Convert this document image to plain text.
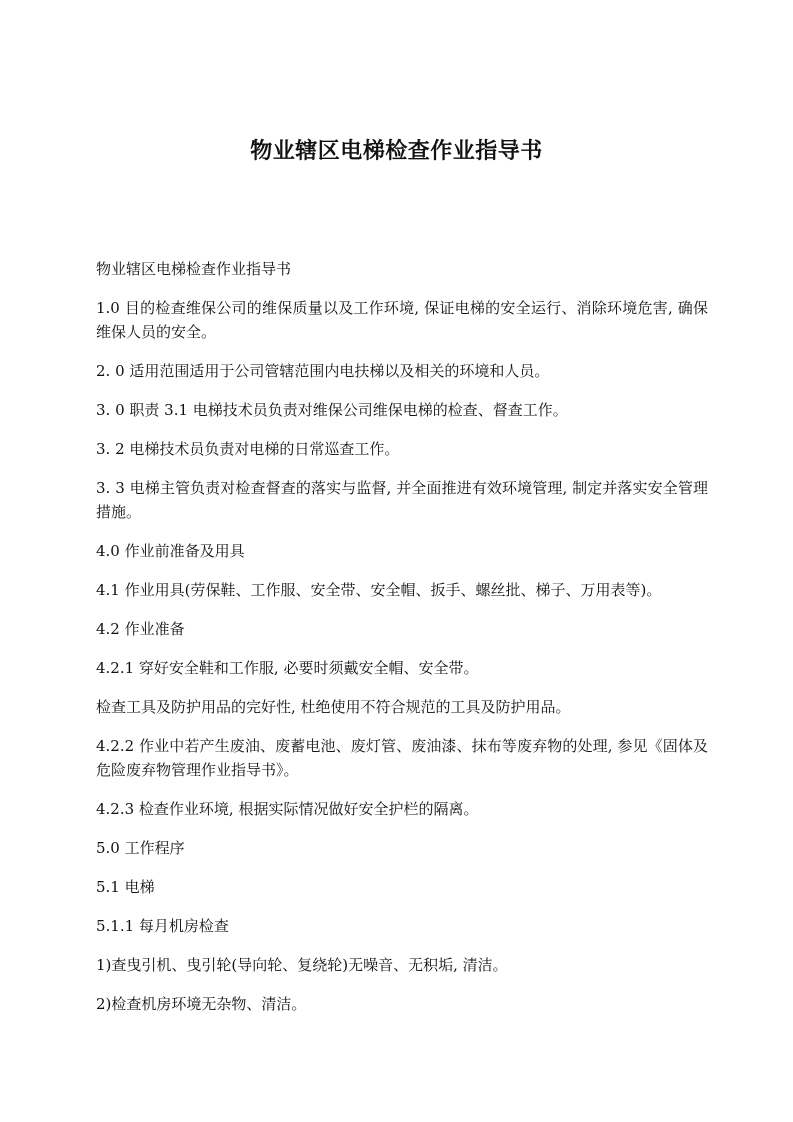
物业辖区电梯检查作业指导书

物业辖区电梯检查作业指导书

1.0 目的检查维保公司的维保质量以及工作环境, 保证电梯的安全运行、消除环境危害, 确保维保人员的安全。

2. 0 适用范围适用于公司管辖范围内电扶梯以及相关的环境和人员。

3. 0 职责 3.1 电梯技术员负责对维保公司维保电梯的检查、督查工作。

3. 2 电梯技术员负责对电梯的日常巡查工作。

3. 3 电梯主管负责对检查督查的落实与监督, 并全面推进有效环境管理, 制定并落实安全管理措施。

4.0 作业前准备及用具

4.1 作业用具(劳保鞋、工作服、安全带、安全帽、扳手、螺丝批、梯子、万用表等)。

4.2 作业准备

4.2.1 穿好安全鞋和工作服, 必要时须戴安全帽、安全带。

检查工具及防护用品的完好性, 杜绝使用不符合规范的工具及防护用品。

4.2.2 作业中若产生废油、废蓄电池、废灯管、废油漆、抹布等废弃物的处理, 参见《固体及危险废弃物管理作业指导书》。

4.2.3 检查作业环境, 根据实际情况做好安全护栏的隔离。

5.0 工作程序

5.1 电梯

5.1.1 每月机房检查

1)查曳引机、曳引轮(导向轮、复绕轮)无噪音、无积垢, 清洁。

2)检查机房环境无杂物、清洁。
